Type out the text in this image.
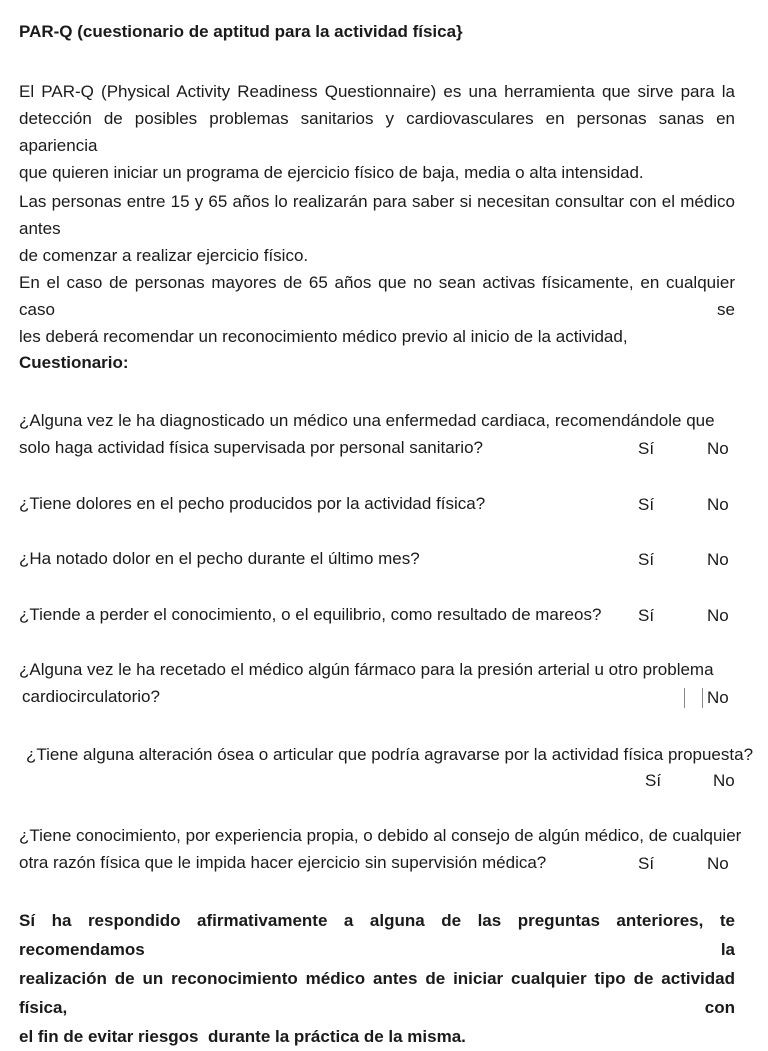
PAR-Q (cuestionario de aptitud para la actividad física}
El PAR-Q (Physical Activity Readiness Questionnaire) es una herramienta que sirve para la
detección de posibles problemas sanitarios y cardiovasculares en personas sanas en apariencia
que quieren iniciar un programa de ejercicio físico de baja, media o alta intensidad.
Las personas entre 15 y 65 años lo realizarán para saber si necesitan consultar con el médico antes
de comenzar a realizar ejercicio físico.
En el caso de personas mayores de 65 años que no sean activas físicamente, en cualquier caso se
les deberá recomendar un reconocimiento médico previo al inicio de la actividad,
Cuestionario:
¿Alguna vez le ha diagnosticado un médico una enfermedad cardiaca, recomendándole que
solo haga actividad física supervisada por personal sanitario?	Sí	No
¿Tiene dolores en el pecho producidos por la actividad física?	Sí	No
¿Ha notado dolor en el pecho durante el último mes?	Sí	No
¿Tiende a perder el conocimiento, o el equilibrio, como resultado de mareos? Sí	No
¿Alguna vez le ha recetado el médico algún fármaco para la presión arterial u otro problema
cardiocirculatorio?	No
¿Tiene alguna alteración ósea o articular que podría agravarse por la actividad física propuesta?
Sí	No
¿Tiene conocimiento, por experiencia propia, o debido al consejo de algún médico, de cualquier
otra razón física que le impida hacer ejercicio sin supervisión médica?	Sí	No
Sí ha respondido afirmativamente a alguna de las preguntas anteriores, te recomendamos la
realización de un reconocimiento médico antes de iniciar cualquier tipo de actividad física, con
el fin de evitar riesgos  durante la práctica de la misma.
